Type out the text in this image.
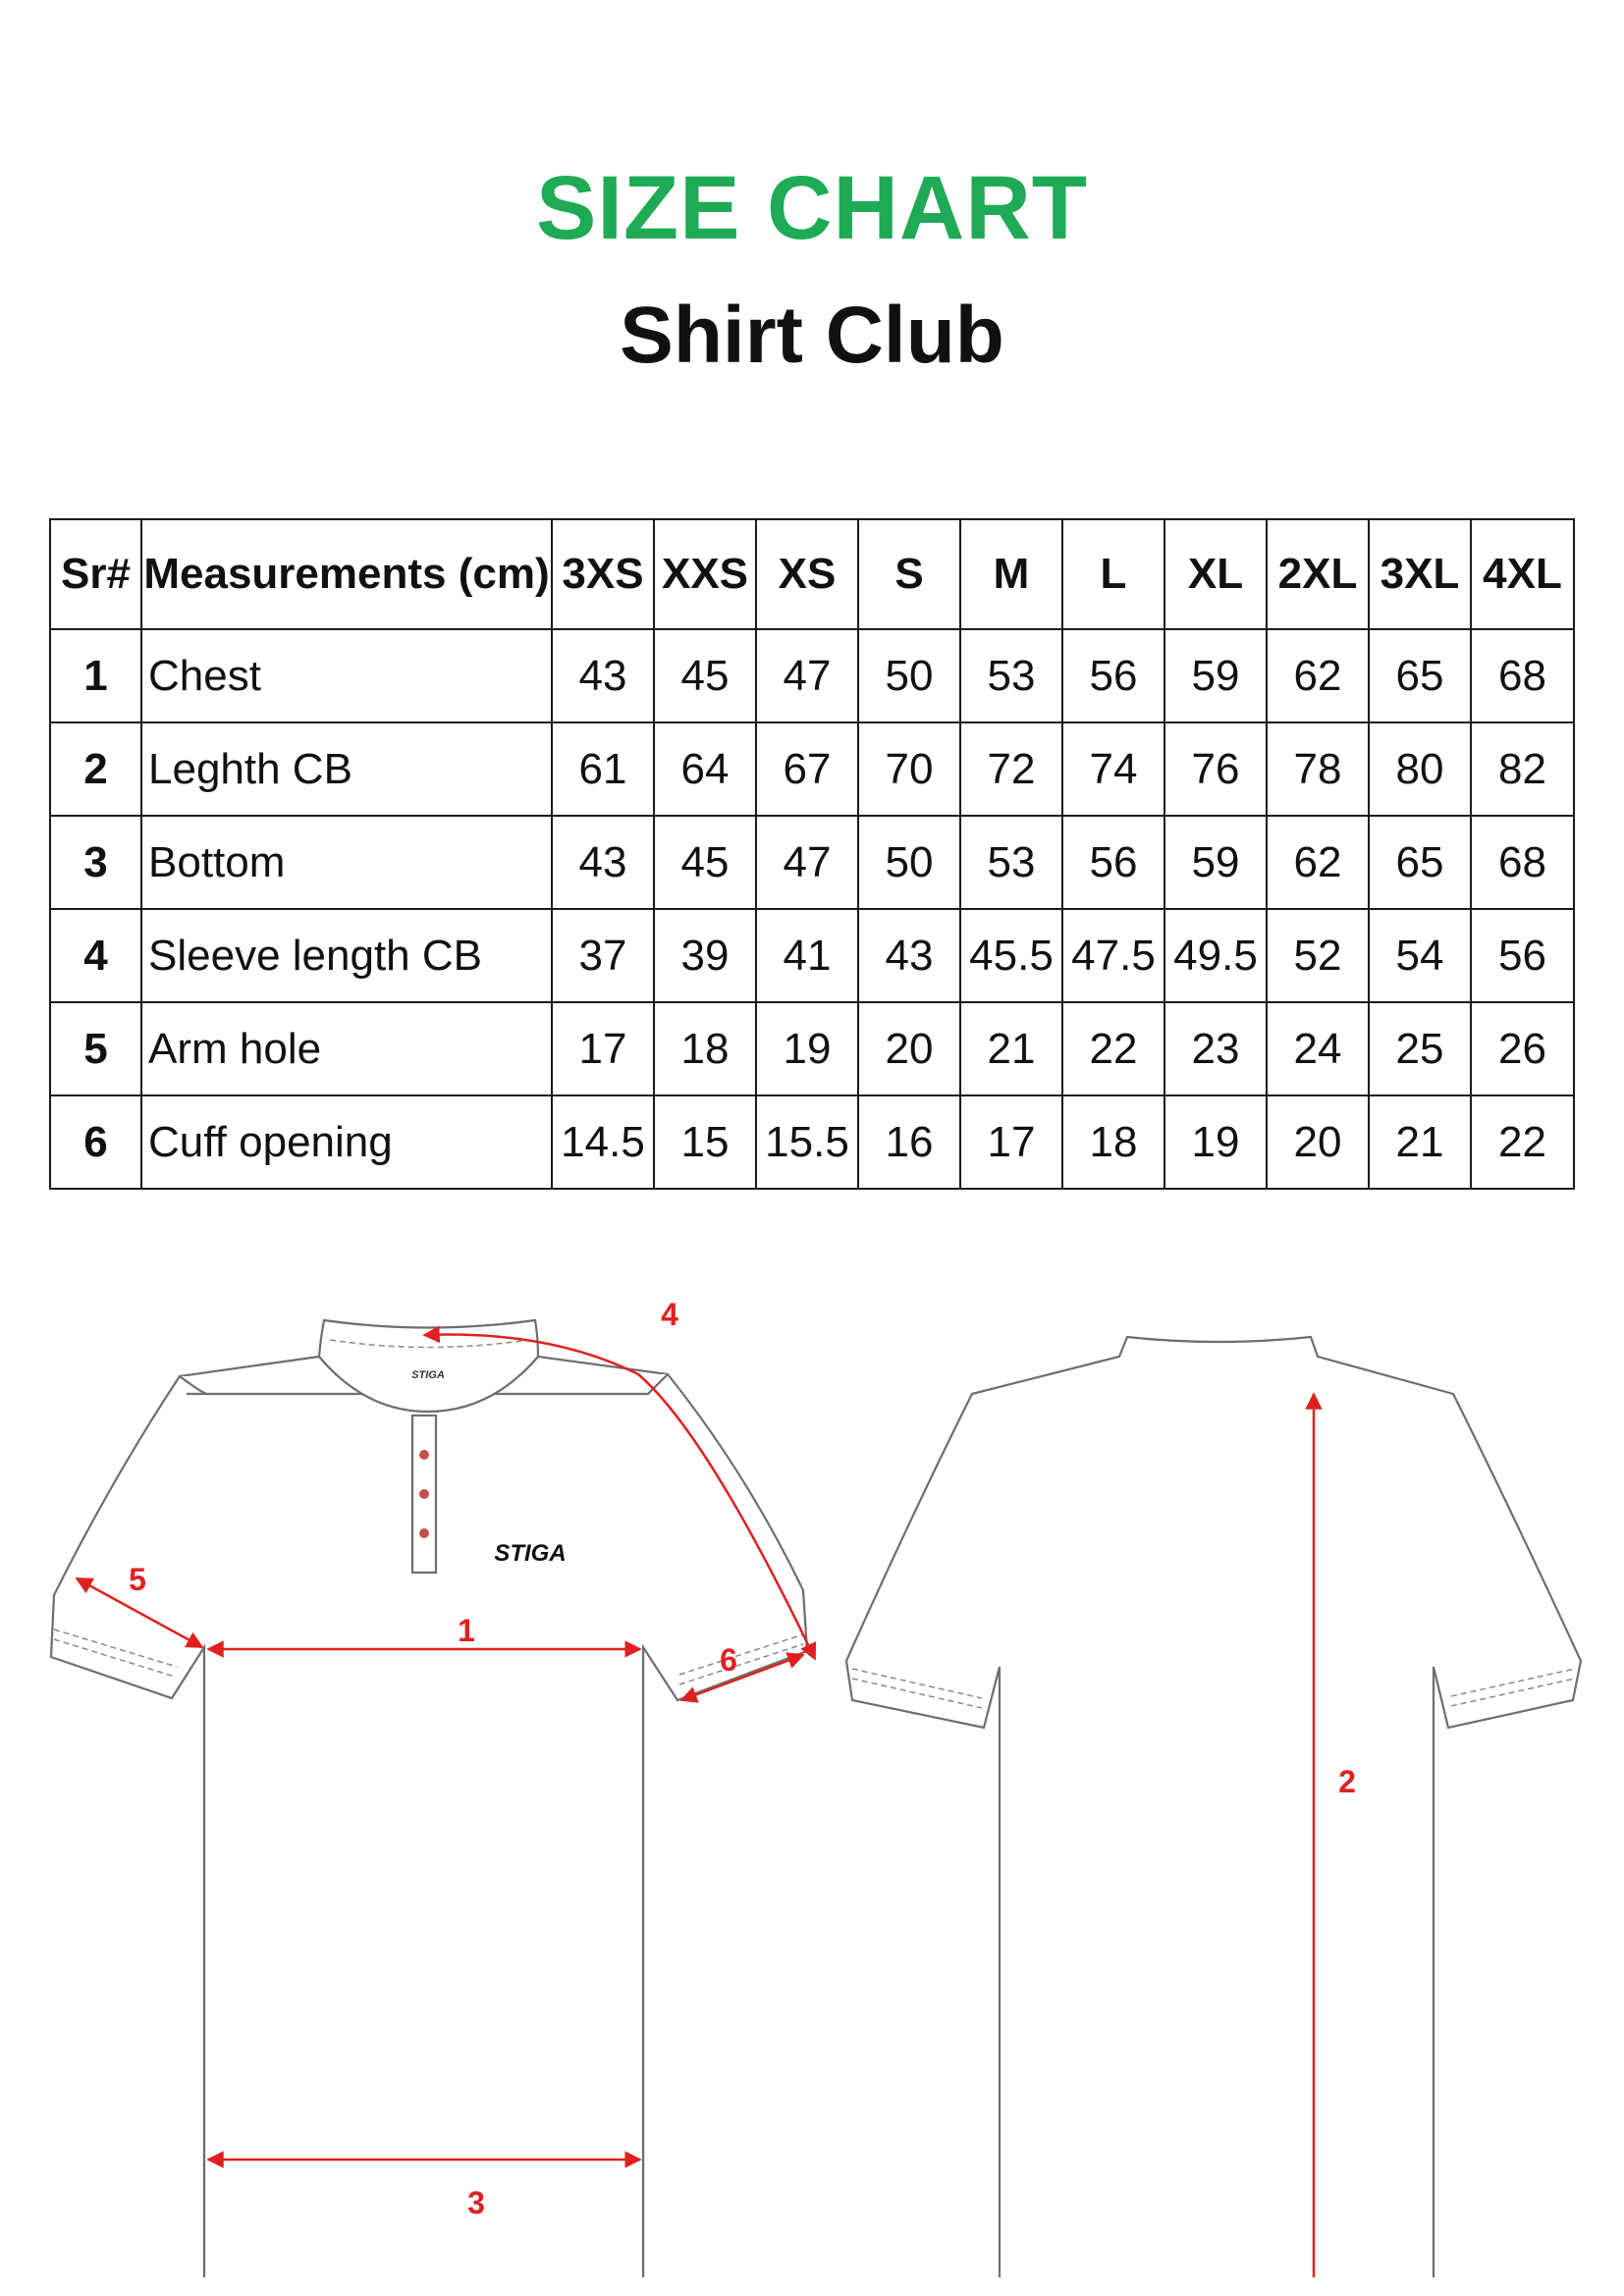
SIZE CHART
Shirt Club
Sr#	Measurements (cm)	3XS	XXS	XS	S	M	L	XL	2XL	3XL	4XL
1	Chest	43	45	47	50	53	56	59	62	65	68
2	Leghth CB	61	64	67	70	72	74	76	78	80	82
3	Bottom	43	45	47	50	53	56	59	62	65	68
4	Sleeve length CB	37	39	41	43	45.5	47.5	49.5	52	54	56
5	Arm hole	17	18	19	20	21	22	23	24	25	26
6	Cuff opening	14.5	15	15.5	16	17	18	19	20	21	22
STIGA
STIGA
1
2
3
4
5
6
